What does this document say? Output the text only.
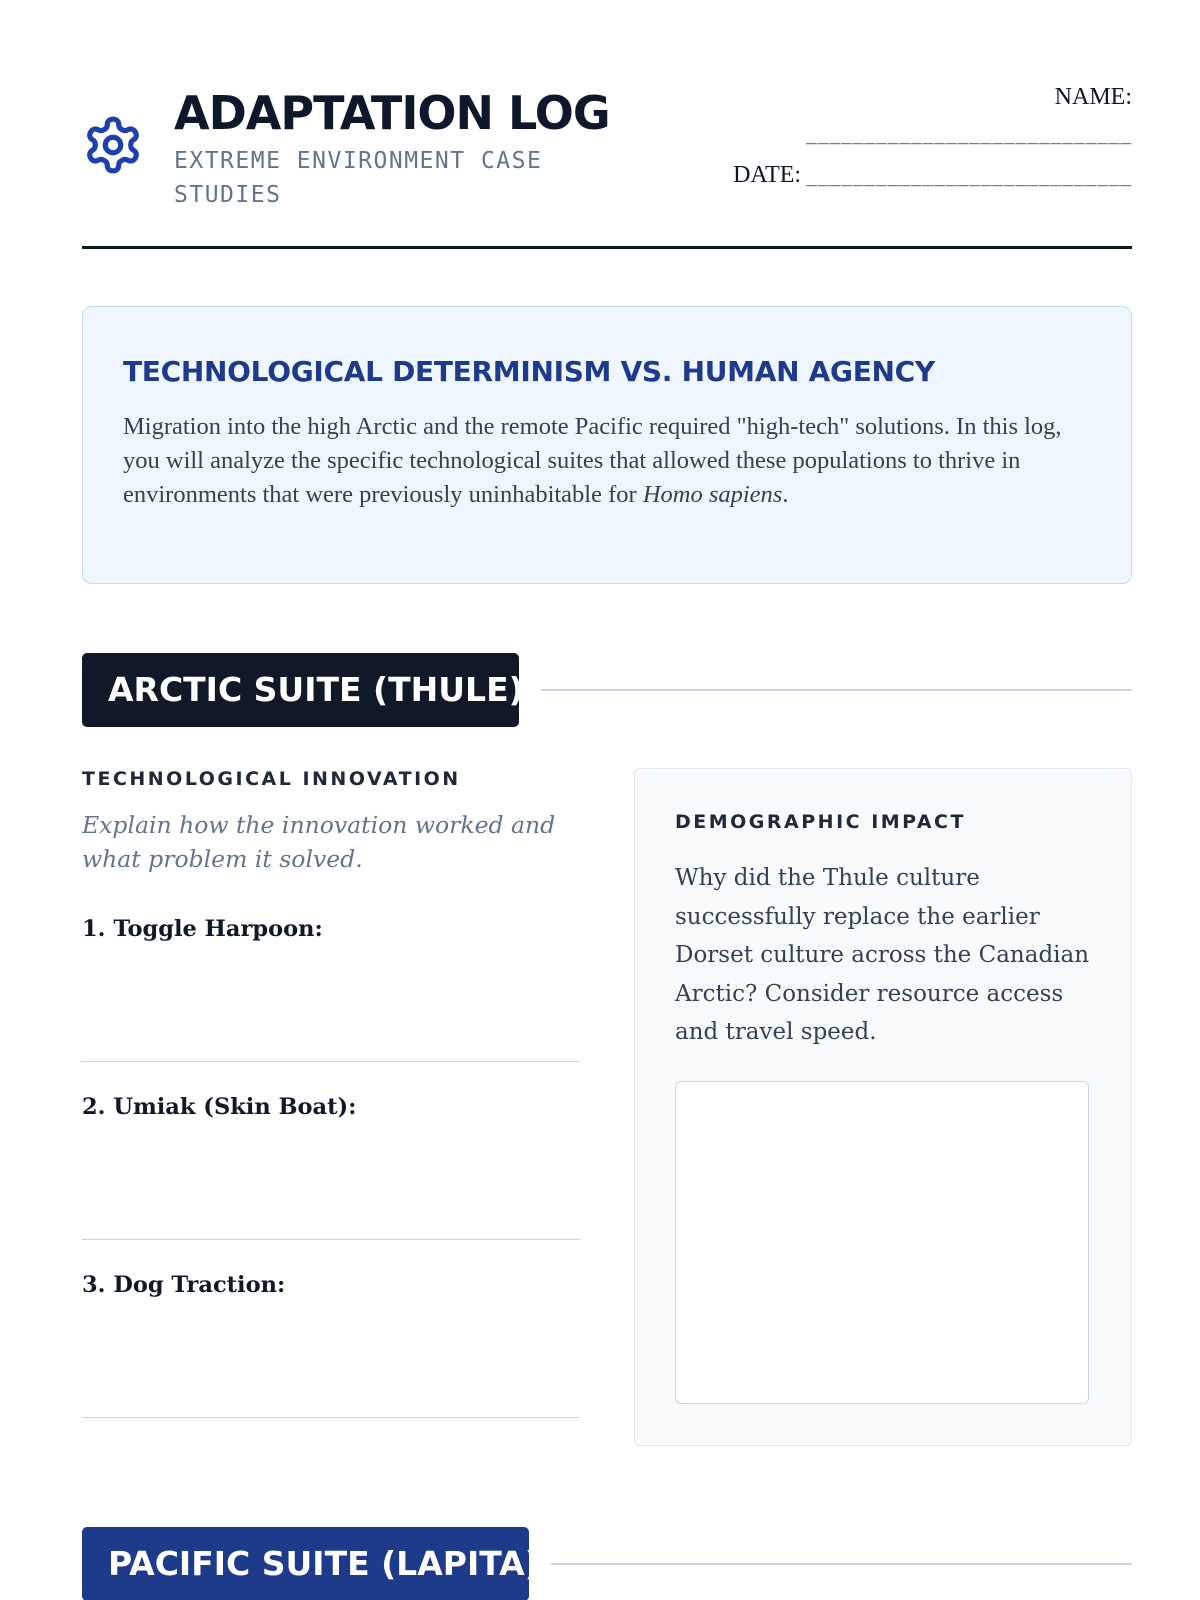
ADAPTATION LOG
EXTREME ENVIRONMENT CASE STUDIES
NAME:
____________________________
DATE: ____________________________
TECHNOLOGICAL DETERMINISM VS. HUMAN AGENCY

Migration into the high Arctic and the remote Pacific required "high-tech" solutions. In this log, you will analyze the specific technological suites that allowed these populations to thrive in environments that were previously uninhabitable for Homo sapiens.

ARCTIC SUITE (THULE)
TECHNOLOGICAL INNOVATION
Explain how the innovation worked and what problem it solved.
1. Toggle Harpoon:
2. Umiak (Skin Boat):
3. Dog Traction:
DEMOGRAPHIC IMPACT

Why did the Thule culture successfully replace the earlier Dorset culture across the Canadian Arctic? Consider resource access and travel speed.

PACIFIC SUITE (LAPITA)
